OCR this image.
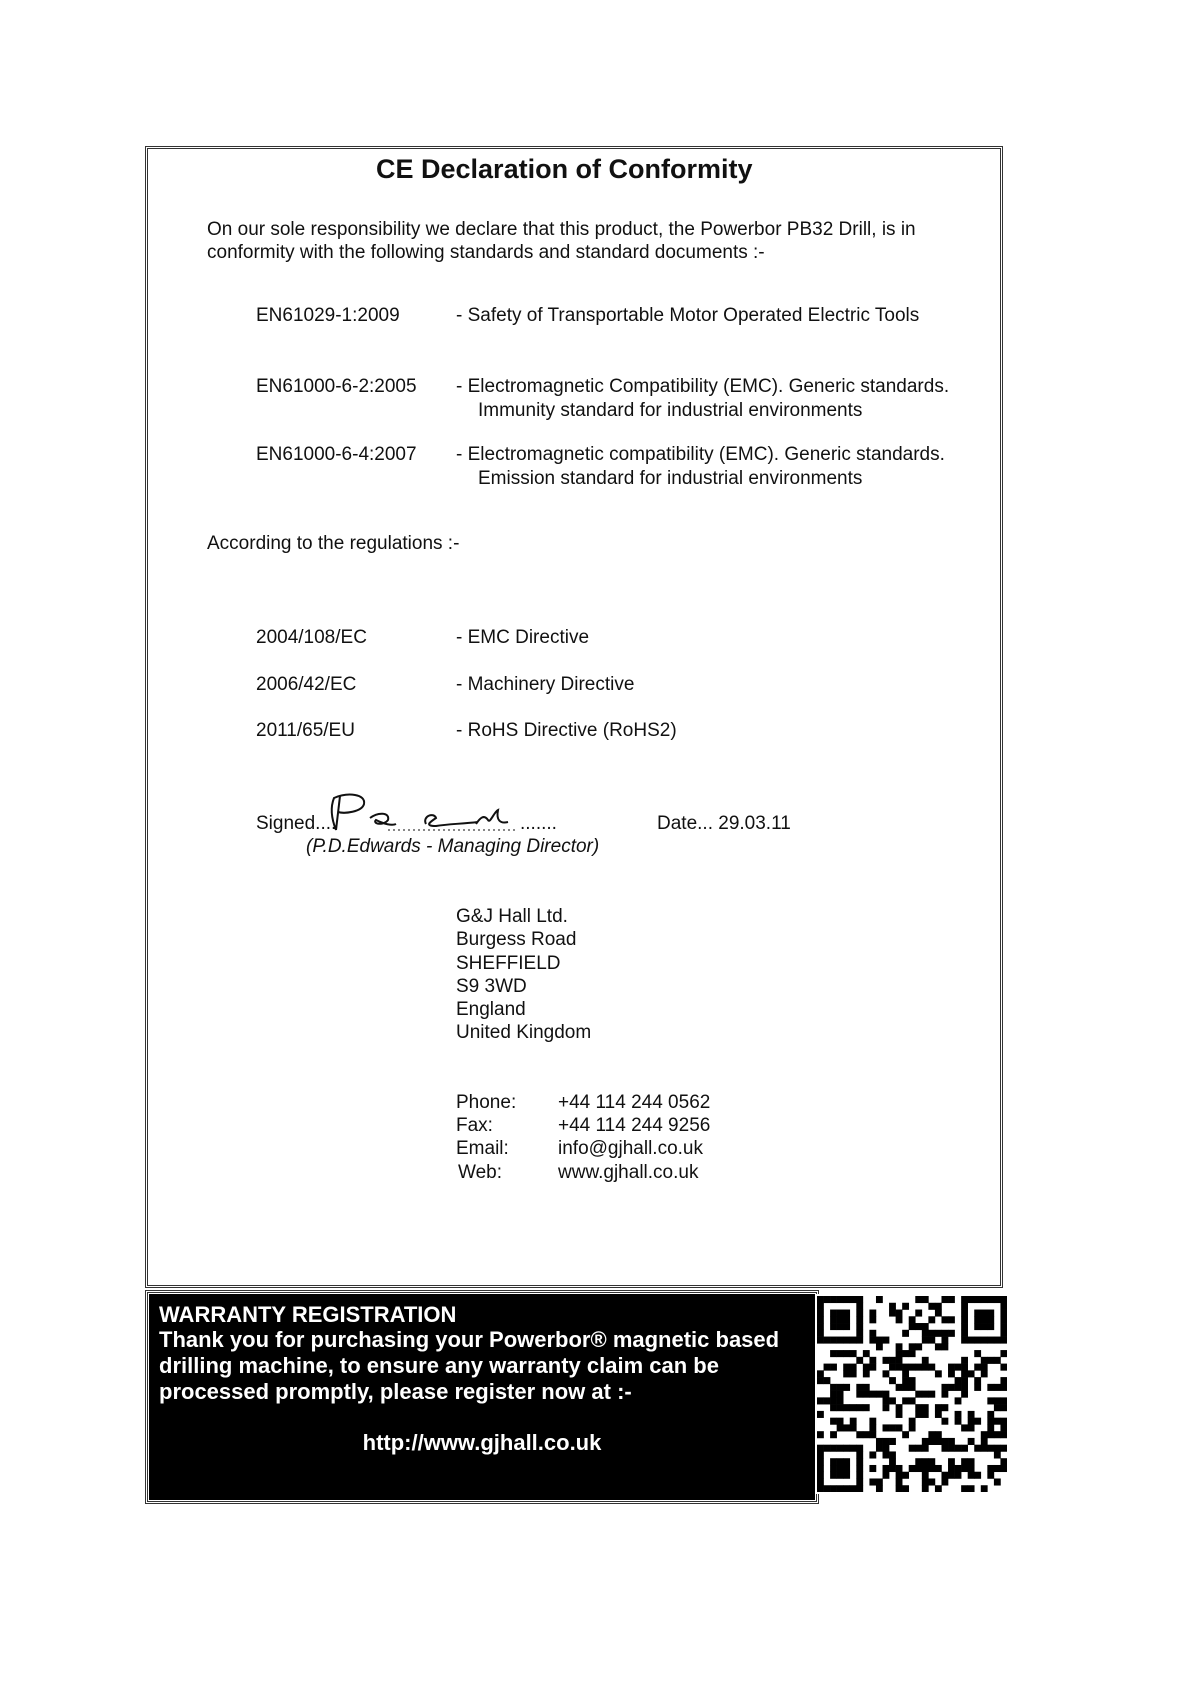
CE Declaration of Conformity
On our sole responsibility we declare that this product, the Powerbor PB32 Drill, is in
conformity with the following standards and standard documents :-
EN61029-1:2009	- Safety of Transportable Motor Operated Electric Tools
EN61000-6-2:2005 - Electromagnetic Compatibility (EMC). Generic standards.
Immunity standard for industrial environments
EN61000-6-4:2007 - Electromagnetic compatibility (EMC). Generic standards.
Emission standard for industrial environments
According to the regulations :-
2004/108/EC	- EMC Directive
2006/42/EC	- Machinery Directive
2011/65/EU	- RoHS Directive (RoHS2)
Signed....	.......	Date... 29.03.11
(P.D.Edwards - Managing Director)
G&J Hall Ltd.
Burgess Road
SHEFFIELD
S9 3WD
England
United Kingdom
Phone: +44 114 244 0562
Fax:	+44 114 244 9256
Email:	info@gjhall.co.uk
Web:	www.gjhall.co.uk
WARRANTY REGISTRATION
Thank you for purchasing your Powerbor® magnetic based
drilling machine, to ensure any warranty claim can be
processed promptly, please register now at :-
http://www.gjhall.co.uk
